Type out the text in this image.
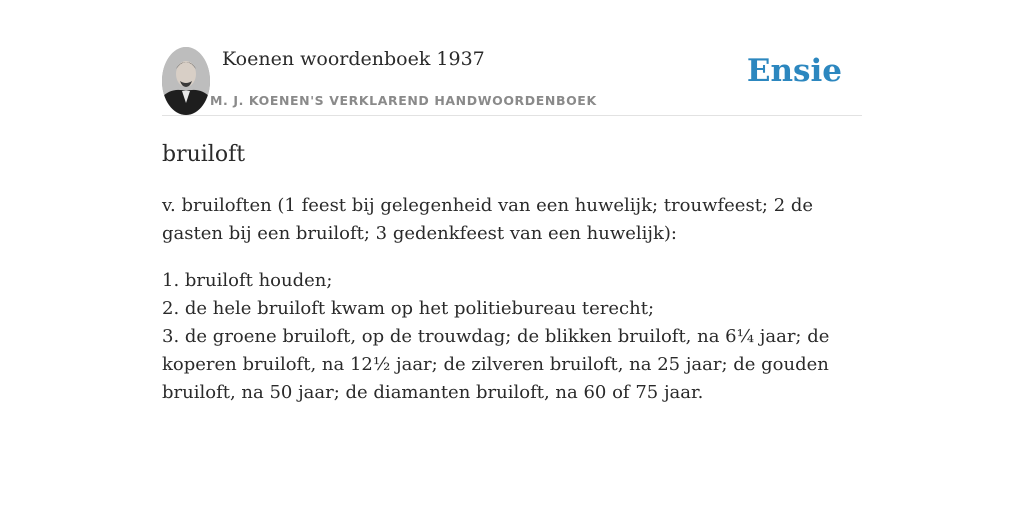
Koenen woordenboek 1937
M. J. KOENEN'S VERKLAREND HANDWOORDENBOEK
Ensie
bruiloft

v. bruiloften (1 feest bij gelegenheid van een huwelijk; trouwfeest; 2 de gasten bij een bruiloft; 3 gedenkfeest van een huwelijk):

1. bruiloft houden;

2. de hele bruiloft kwam op het politiebureau terecht;

3. de groene bruiloft, op de trouwdag; de blikken bruiloft, na 6¼ jaar; de koperen bruiloft, na 12½ jaar; de zilveren bruiloft, na 25 jaar; de gouden bruiloft, na 50 jaar; de diamanten bruiloft, na 60 of 75 jaar.
